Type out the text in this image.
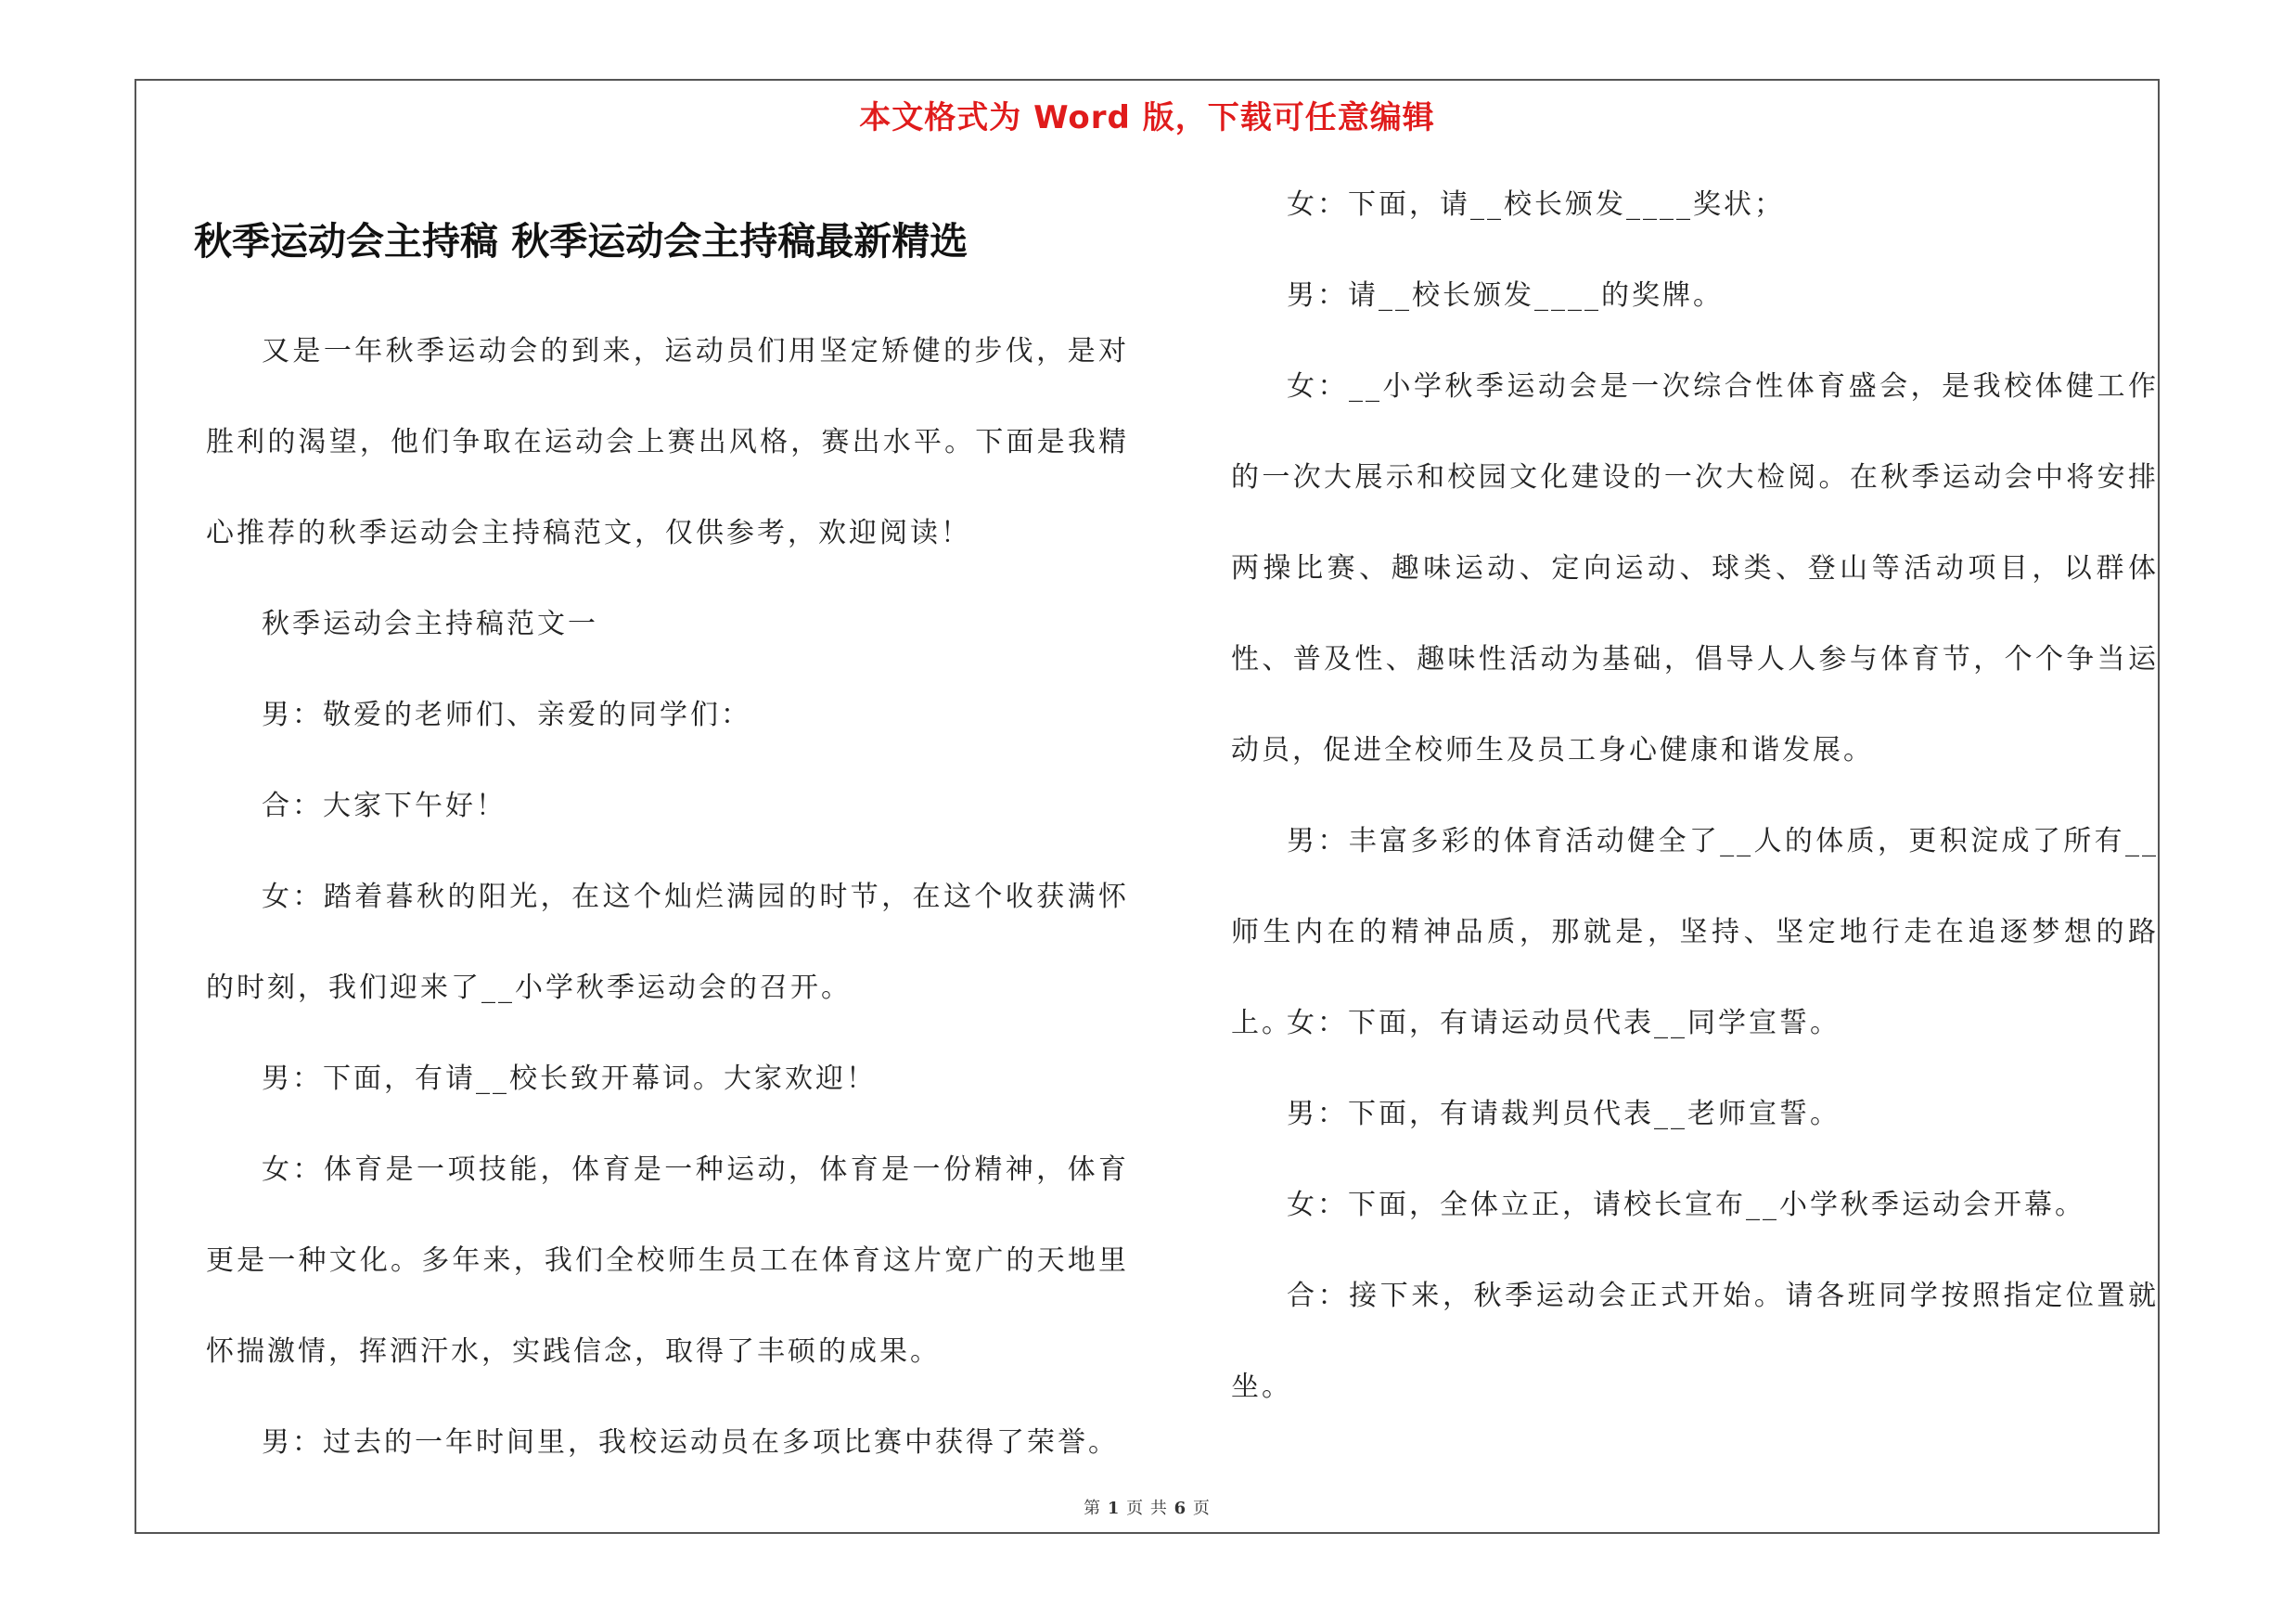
本文格式为 Word 版，下载可任意编辑
秋季运动会主持稿 秋季运动会主持稿最新精选

又是一年秋季运动会的到来，运动员们用坚定矫健的步伐，是对胜利的渴望，他们争取在运动会上赛出风格，赛出水平。下面是我精心推荐的秋季运动会主持稿范文，仅供参考，欢迎阅读！

秋季运动会主持稿范文一

男：敬爱的老师们、亲爱的同学们：

合：大家下午好！

女：踏着暮秋的阳光，在这个灿烂满园的时节，在这个收获满怀的时刻，我们迎来了__小学秋季运动会的召开。

男：下面，有请__校长致开幕词。大家欢迎！

女：体育是一项技能，体育是一种运动，体育是一份精神，体育更是一种文化。多年来，我们全校师生员工在体育这片宽广的天地里怀揣激情，挥洒汗水，实践信念，取得了丰硕的成果。

男：过去的一年时间里，我校运动员在多项比赛中获得了荣誉。

女：下面，请__校长颁发____奖状；

男：请__校长颁发____的奖牌。

女：__小学秋季运动会是一次综合性体育盛会，是我校体健工作的一次大展示和校园文化建设的一次大检阅。在秋季运动会中将安排两操比赛、趣味运动、定向运动、球类、登山等活动项目，以群体性、普及性、趣味性活动为基础，倡导人人参与体育节，个个争当运动员，促进全校师生及员工身心健康和谐发展。

男：丰富多彩的体育活动健全了__人的体质，更积淀成了所有__师生内在的精神品质，那就是，坚持、坚定地行走在追逐梦想的路上。

女：下面，有请运动员代表__同学宣誓。

男：下面，有请裁判员代表__老师宣誓。

女：下面，全体立正，请校长宣布__小学秋季运动会开幕。

合：接下来，秋季运动会正式开始。请各班同学按照指定位置就坐。

第 1 页 共 6 页
